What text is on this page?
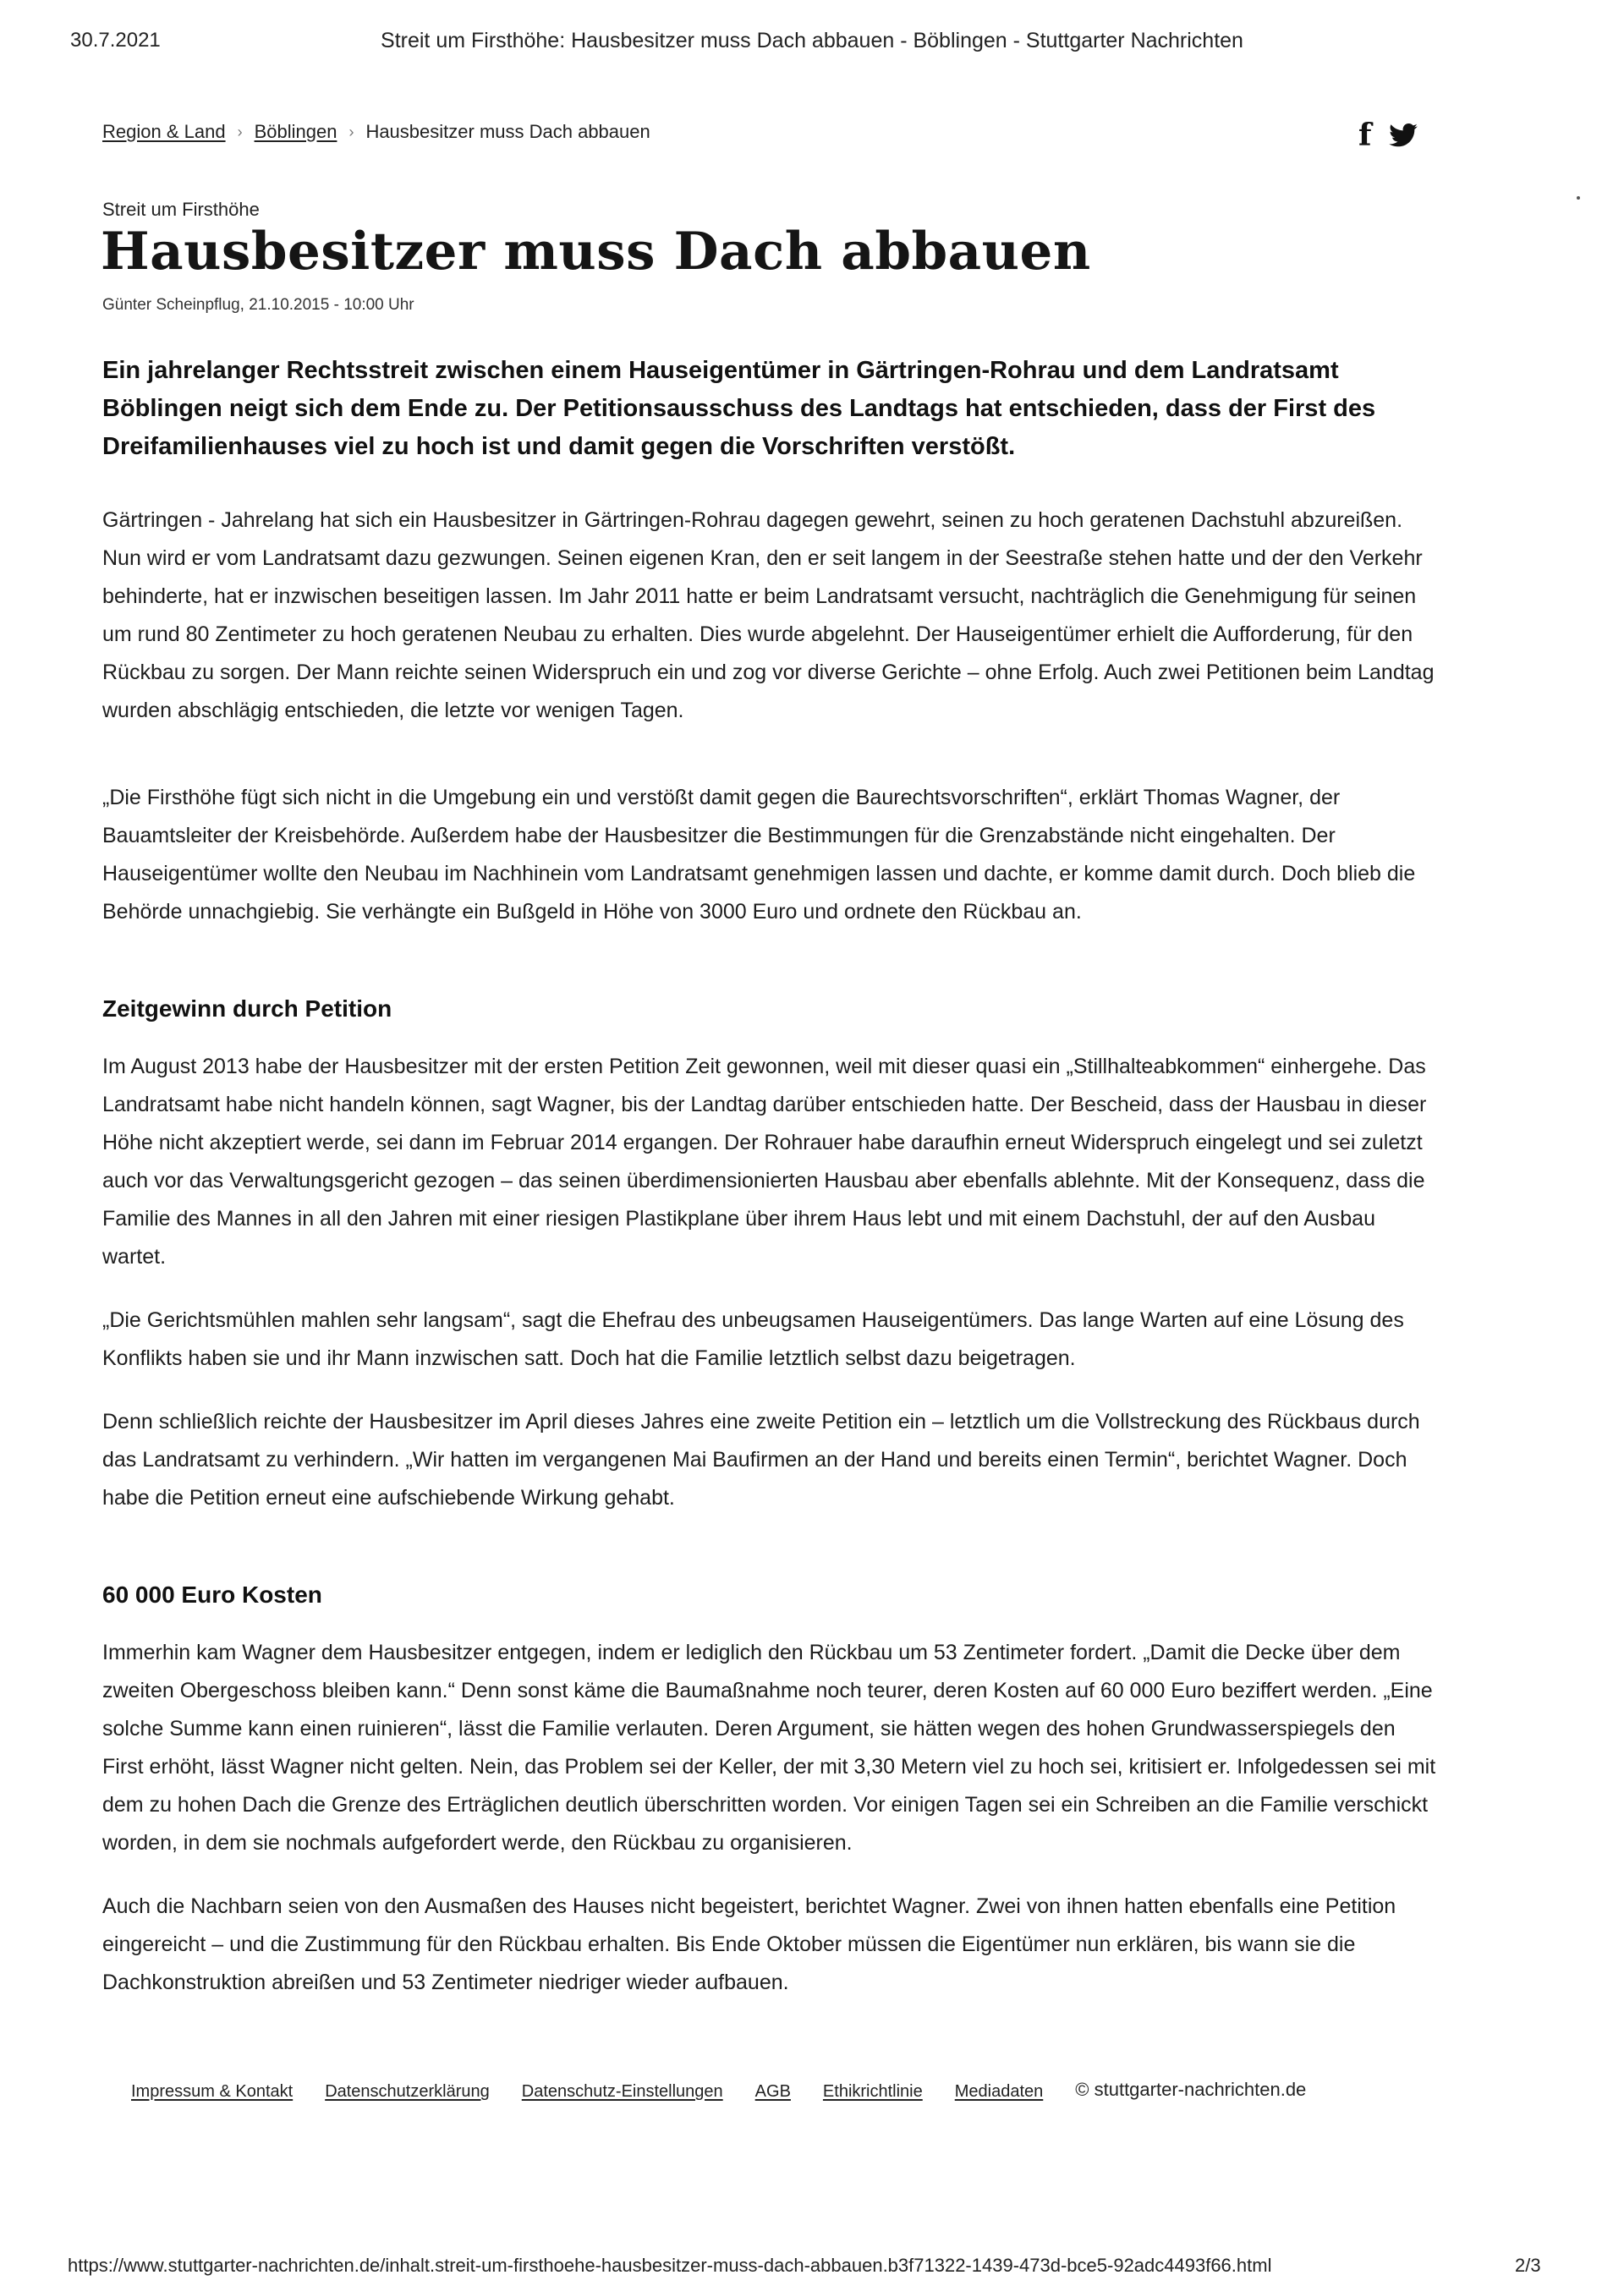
30.7.2021	Streit um Firsthöhe: Hausbesitzer muss Dach abbauen - Böblingen - Stuttgarter Nachrichten
Region & Land › Böblingen › Hausbesitzer muss Dach abbauen	f
Streit um Firsthöhe
Hausbesitzer muss Dach abbauen
Günter Scheinpflug, 21.10.2015 - 10:00 Uhr

Ein jahrelanger Rechtsstreit zwischen einem Hauseigentümer in Gärtringen-Rohrau und dem Landratsamt Böblingen neigt sich dem Ende zu. Der Petitionsausschuss des Landtags hat entschieden, dass der First des Dreifamilienhauses viel zu hoch ist und damit gegen die Vorschriften verstößt.

Gärtringen - Jahrelang hat sich ein Hausbesitzer in Gärtringen-Rohrau dagegen gewehrt, seinen zu hoch geratenen Dachstuhl abzureißen. Nun wird er vom Landratsamt dazu gezwungen. Seinen eigenen Kran, den er seit langem in der Seestraße stehen hatte und der den Verkehr behinderte, hat er inzwischen beseitigen lassen. Im Jahr 2011 hatte er beim Landratsamt versucht, nachträglich die Genehmigung für seinen um rund 80 Zentimeter zu hoch geratenen Neubau zu erhalten. Dies wurde abgelehnt. Der Hauseigentümer erhielt die Aufforderung, für den Rückbau zu sorgen. Der Mann reichte seinen Widerspruch ein und zog vor diverse Gerichte – ohne Erfolg. Auch zwei Petitionen beim Landtag wurden abschlägig entschieden, die letzte vor wenigen Tagen.

„Die Firsthöhe fügt sich nicht in die Umgebung ein und verstößt damit gegen die Baurechtsvorschriften“, erklärt Thomas Wagner, der Bauamtsleiter der Kreisbehörde. Außerdem habe der Hausbesitzer die Bestimmungen für die Grenzabstände nicht eingehalten. Der Hauseigentümer wollte den Neubau im Nachhinein vom Landratsamt genehmigen lassen und dachte, er komme damit durch. Doch blieb die Behörde unnachgiebig. Sie verhängte ein Bußgeld in Höhe von 3000 Euro und ordnete den Rückbau an.

Zeitgewinn durch Petition

Im August 2013 habe der Hausbesitzer mit der ersten Petition Zeit gewonnen, weil mit dieser quasi ein „Stillhalteabkommen“ einhergehe. Das Landratsamt habe nicht handeln können, sagt Wagner, bis der Landtag darüber entschieden hatte. Der Bescheid, dass der Hausbau in dieser Höhe nicht akzeptiert werde, sei dann im Februar 2014 ergangen. Der Rohrauer habe daraufhin erneut Widerspruch eingelegt und sei zuletzt auch vor das Verwaltungsgericht gezogen – das seinen überdimensionierten Hausbau aber ebenfalls ablehnte. Mit der Konsequenz, dass die Familie des Mannes in all den Jahren mit einer riesigen Plastikplane über ihrem Haus lebt und mit einem Dachstuhl, der auf den Ausbau wartet.

„Die Gerichtsmühlen mahlen sehr langsam“, sagt die Ehefrau des unbeugsamen Hauseigentümers. Das lange Warten auf eine Lösung des Konflikts haben sie und ihr Mann inzwischen satt. Doch hat die Familie letztlich selbst dazu beigetragen.

Denn schließlich reichte der Hausbesitzer im April dieses Jahres eine zweite Petition ein – letztlich um die Vollstreckung des Rückbaus durch das Landratsamt zu verhindern. „Wir hatten im vergangenen Mai Baufirmen an der Hand und bereits einen Termin“, berichtet Wagner. Doch habe die Petition erneut eine aufschiebende Wirkung gehabt.

60 000 Euro Kosten

Immerhin kam Wagner dem Hausbesitzer entgegen, indem er lediglich den Rückbau um 53 Zentimeter fordert. „Damit die Decke über dem zweiten Obergeschoss bleiben kann.“ Denn sonst käme die Baumaßnahme noch teurer, deren Kosten auf 60 000 Euro beziffert werden. „Eine solche Summe kann einen ruinieren“, lässt die Familie verlauten. Deren Argument, sie hätten wegen des hohen Grundwasserspiegels den First erhöht, lässt Wagner nicht gelten. Nein, das Problem sei der Keller, der mit 3,30 Metern viel zu hoch sei, kritisiert er. Infolgedessen sei mit dem zu hohen Dach die Grenze des Erträglichen deutlich überschritten worden. Vor einigen Tagen sei ein Schreiben an die Familie verschickt worden, in dem sie nochmals aufgefordert werde, den Rückbau zu organisieren.

Auch die Nachbarn seien von den Ausmaßen des Hauses nicht begeistert, berichtet Wagner. Zwei von ihnen hatten ebenfalls eine Petition eingereicht – und die Zustimmung für den Rückbau erhalten. Bis Ende Oktober müssen die Eigentümer nun erklären, bis wann sie die Dachkonstruktion abreißen und 53 Zentimeter niedriger wieder aufbauen.

Impressum & Kontakt Datenschutzerklärung Datenschutz-Einstellungen AGB Ethikrichtlinie Mediadaten © stuttgarter-nachrichten.de
https://www.stuttgarter-nachrichten.de/inhalt.streit-um-firsthoehe-hausbesitzer-muss-dach-abbauen.b3f71322-1439-473d-bce5-92adc4493f66.html	2/3
